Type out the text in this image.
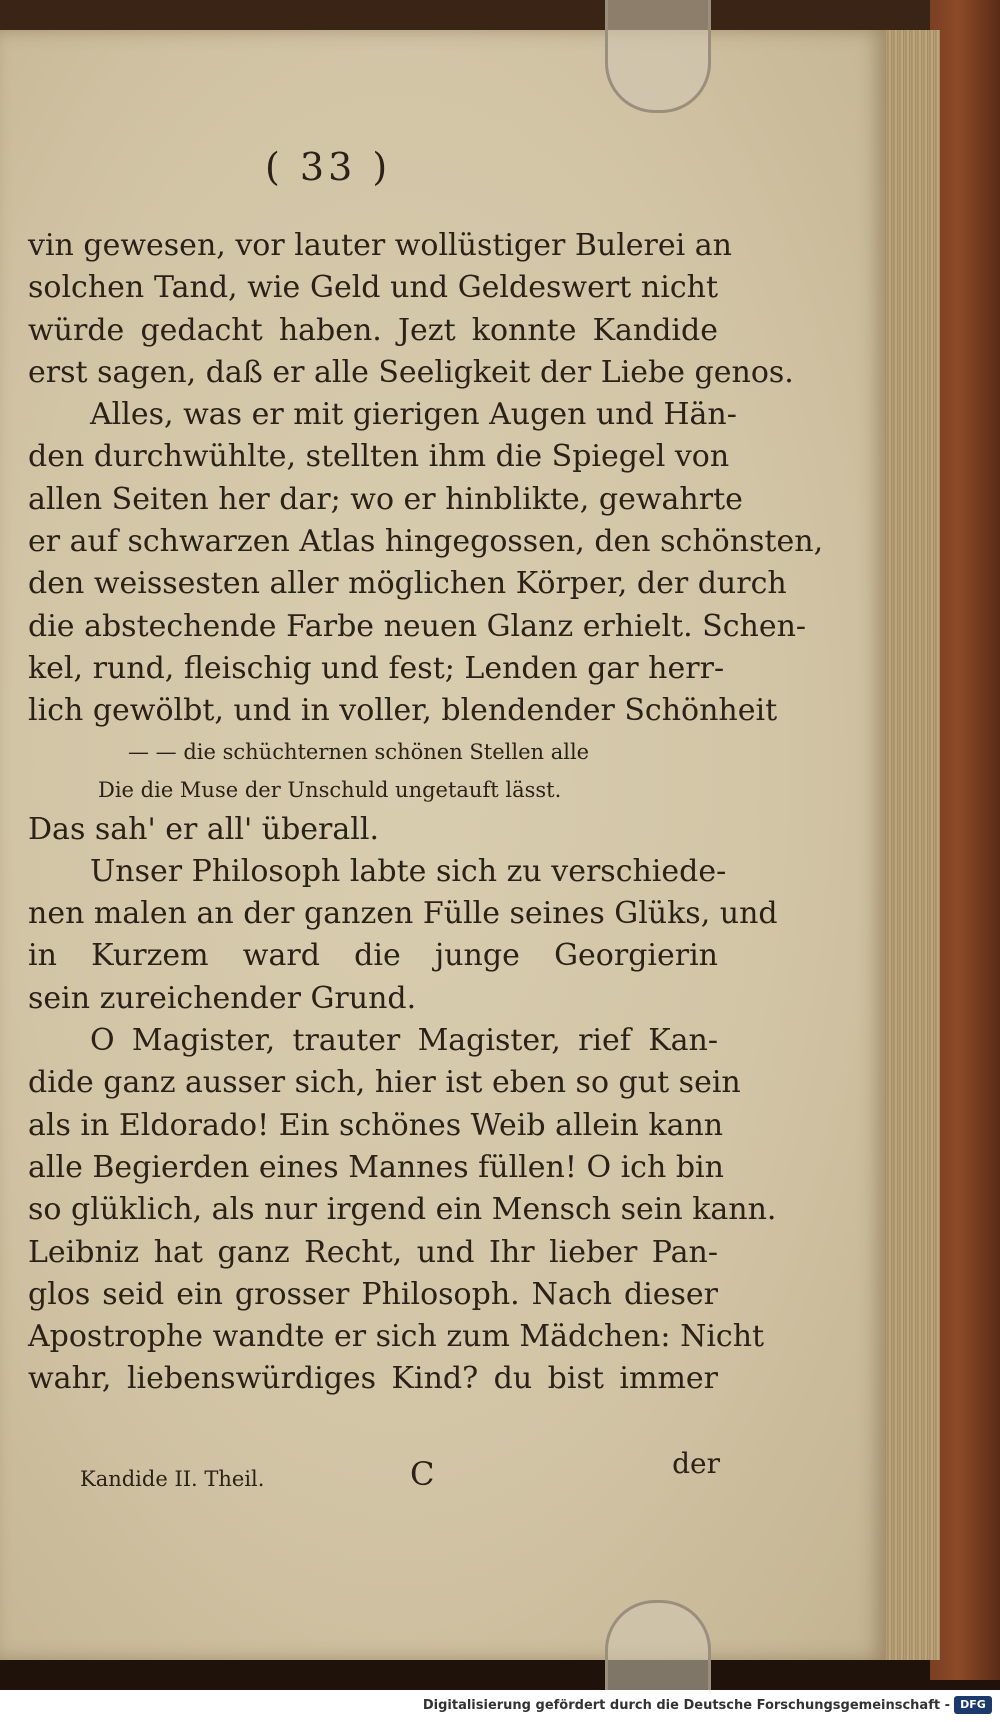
( 33 )
vin gewesen, vor lauter wollüstiger Bulerei an
solchen Tand, wie Geld und Geldeswert nicht
würde gedacht haben. Jezt konnte Kandide
erst sagen, daß er alle Seeligkeit der Liebe genos.
Alles, was er mit gierigen Augen und Hän-
den durchwühlte, stellten ihm die Spiegel von
allen Seiten her dar; wo er hinblikte, gewahrte
er auf schwarzen Atlas hingegossen, den schönsten,
den weissesten aller möglichen Körper, der durch
die abstechende Farbe neuen Glanz erhielt. Schen-
kel, rund, fleischig und fest; Lenden gar herr-
lich gewölbt, und in voller, blendender Schönheit
— — die schüchternen schönen Stellen alle
Die die Muse der Unschuld ungetauft lässt.
Das sah' er all' überall.
Unser Philosoph labte sich zu verschiede-
nen malen an der ganzen Fülle seines Glüks, und
in Kurzem ward die junge Georgierin
sein zureichender Grund.
O Magister, trauter Magister, rief Kan-
dide ganz ausser sich, hier ist eben so gut sein
als in Eldorado! Ein schönes Weib allein kann
alle Begierden eines Mannes füllen! O ich bin
so glüklich, als nur irgend ein Mensch sein kann.
Leibniz hat ganz Recht, und Ihr lieber Pan-
glos seid ein grosser Philosoph. Nach dieser
Apostrophe wandte er sich zum Mädchen: Nicht
wahr, liebenswürdiges Kind? du bist immer
Kandide II. Theil.	C	der
Digitalisierung gefördert durch die Deutsche Forschungsgemeinschaft - DFG
